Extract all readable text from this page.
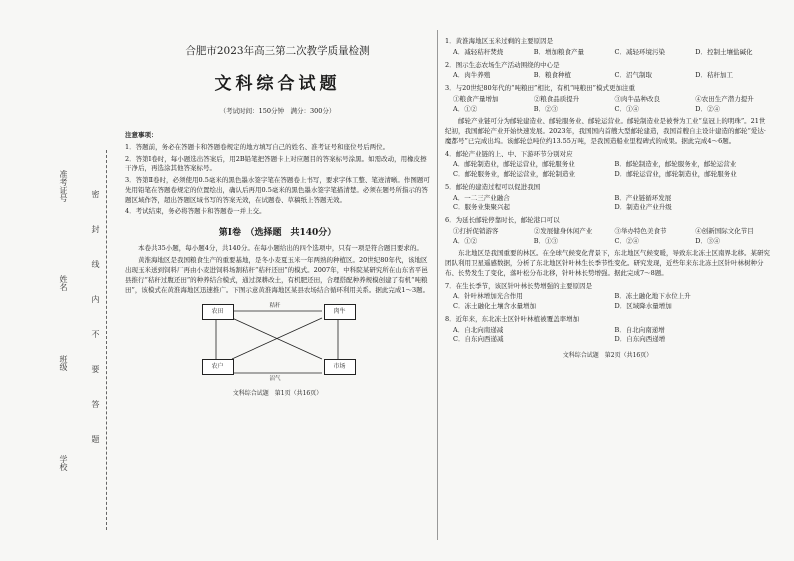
准考证号
姓名
班级
学校
密
封
线
内
不
要
答
题
合肥市2023年高三第二次教学质量检测
文科综合试题
（考试时间：150分钟　满分：300分）
注意事项：

1．答题前，务必在答题卡和答题卷规定的地方填写自己的姓名、准考证号和座位号后两位。

2．答第Ⅰ卷时，每小题选出答案后，用2B铅笔把答题卡上对应题目的答案标号涂黑。如需改动，用橡皮擦干净后，再选涂其他答案标号。

3．答第Ⅱ卷时，必须使用0.5毫米的黑色墨水签字笔在答题卷上书写，要求字体工整、笔迹清晰。作图题可先用铅笔在答题卷规定的位置绘出，确认后再用0.5毫米的黑色墨水签字笔描清楚。必须在题号所指示的答题区域作答，超出答题区域书写的答案无效，在试题卷、草稿纸上答题无效。

4．考试结束，务必将答题卡和答题卷一并上交。

第Ⅰ卷　（选择题　共140分）
本卷共35小题，每小题4分，共140分。在每小题给出的四个选项中，只有一项是符合题目要求的。
黄淮海地区是我国粮食生产的重要基地，是冬小麦夏玉米一年两熟的种植区。20世纪80年代，该地区出现玉米送到饲料厂再由小麦进饲料场割秸秆“秸秆还田”的模式。2007年，中科院某研究所在山东省平邑县推行“秸秆过腹还田”的种养结合模式，通过深耕改土，有机肥还田，合理搭配种养规模创建了有机“吨粮田”，该模式在黄淮海地区迅速推广。下图示意黄淮海地区某县农场结合循环利用关系。据此完成1～3题。
农田	肉牛
农户	市场
秸秆
沼气
文科综合试题　第1页（共16页）
1．黄淮海地区玉米过剩的主要原因是
A．减轻秸秆焚烧	B．增加粮食产量	C．减轻环境污染	D．控制土壤盐碱化
2．图示生态农场生产活动围绕的中心是
A．肉牛养殖	B．粮食种植	C．沼气制取	D．秸秆加工
3．与20世纪80年代的“吨粮田”相比，有机“吨粮田”模式更加注重
①粮食产量增加	②粮食品质提升	③肉牛品种改良	④农田生产潜力提升
A．①②	B．②③	C．①④	D．②④
邮轮产业链可分为邮轮建造业、邮轮服务业、邮轮运营业。邮轮制造业是被誉为工业“皇冠上的明珠”。21世纪初，我国邮轮产业开始快速发展。2023年，我国国内首艘大型邮轮建造，我国首艘自主设计建造的邮轮“爱达·魔都号”已完成出坞。该邮轮总吨位约13.55万吨，是我国造船业里程碑式的成果。据此完成4～6题。
4．邮轮产业链的上、中、下游环节分别对应
A．邮轮制造业，邮轮运营业，邮轮服务业	B．邮轮制造业，邮轮服务业，邮轮运营业
C．邮轮服务业，邮轮运营业，邮轮制造业	D．邮轮运营业，邮轮制造业，邮轮服务业
5．邮轮的建造过程可以促进我国
A．一二三产业融合	B．产业链循环发展
C．服务业集聚兴起	D．制造业产业升级
6．为延长邮轮停靠时长，邮轮港口可以
①打折促销游客	②发展健身休闲产业	③举办特色美食节	④创新国际文化节目
A．①②	B．①③	C．②④	D．③④
东北地区是我国重要的林区。在全球气候变化背景下，东北地区气候变暖，导致东北冻土区南界北移。某研究团队利用卫星遥感数据，分析了东北地区针叶林生长季节性变化。研究发现，近些年来东北冻土区针叶林树种分布、长势发生了变化，落叶松分布北移，针叶林长势增强。据此完成7～8题。
7．在生长季节，该区针叶林长势增强的主要原因是
A．针叶林增加光合作用	B．冻土融化地下水位上升
C．冻土融化土壤含水量增加	D．区域降水量增加
8．近年来，东北冻土区针叶林植被覆盖率增加
A．自北向南递减	B．自北向南递增
C．自东向西递减	D．自东向西递增
文科综合试题　第2页（共16页）
